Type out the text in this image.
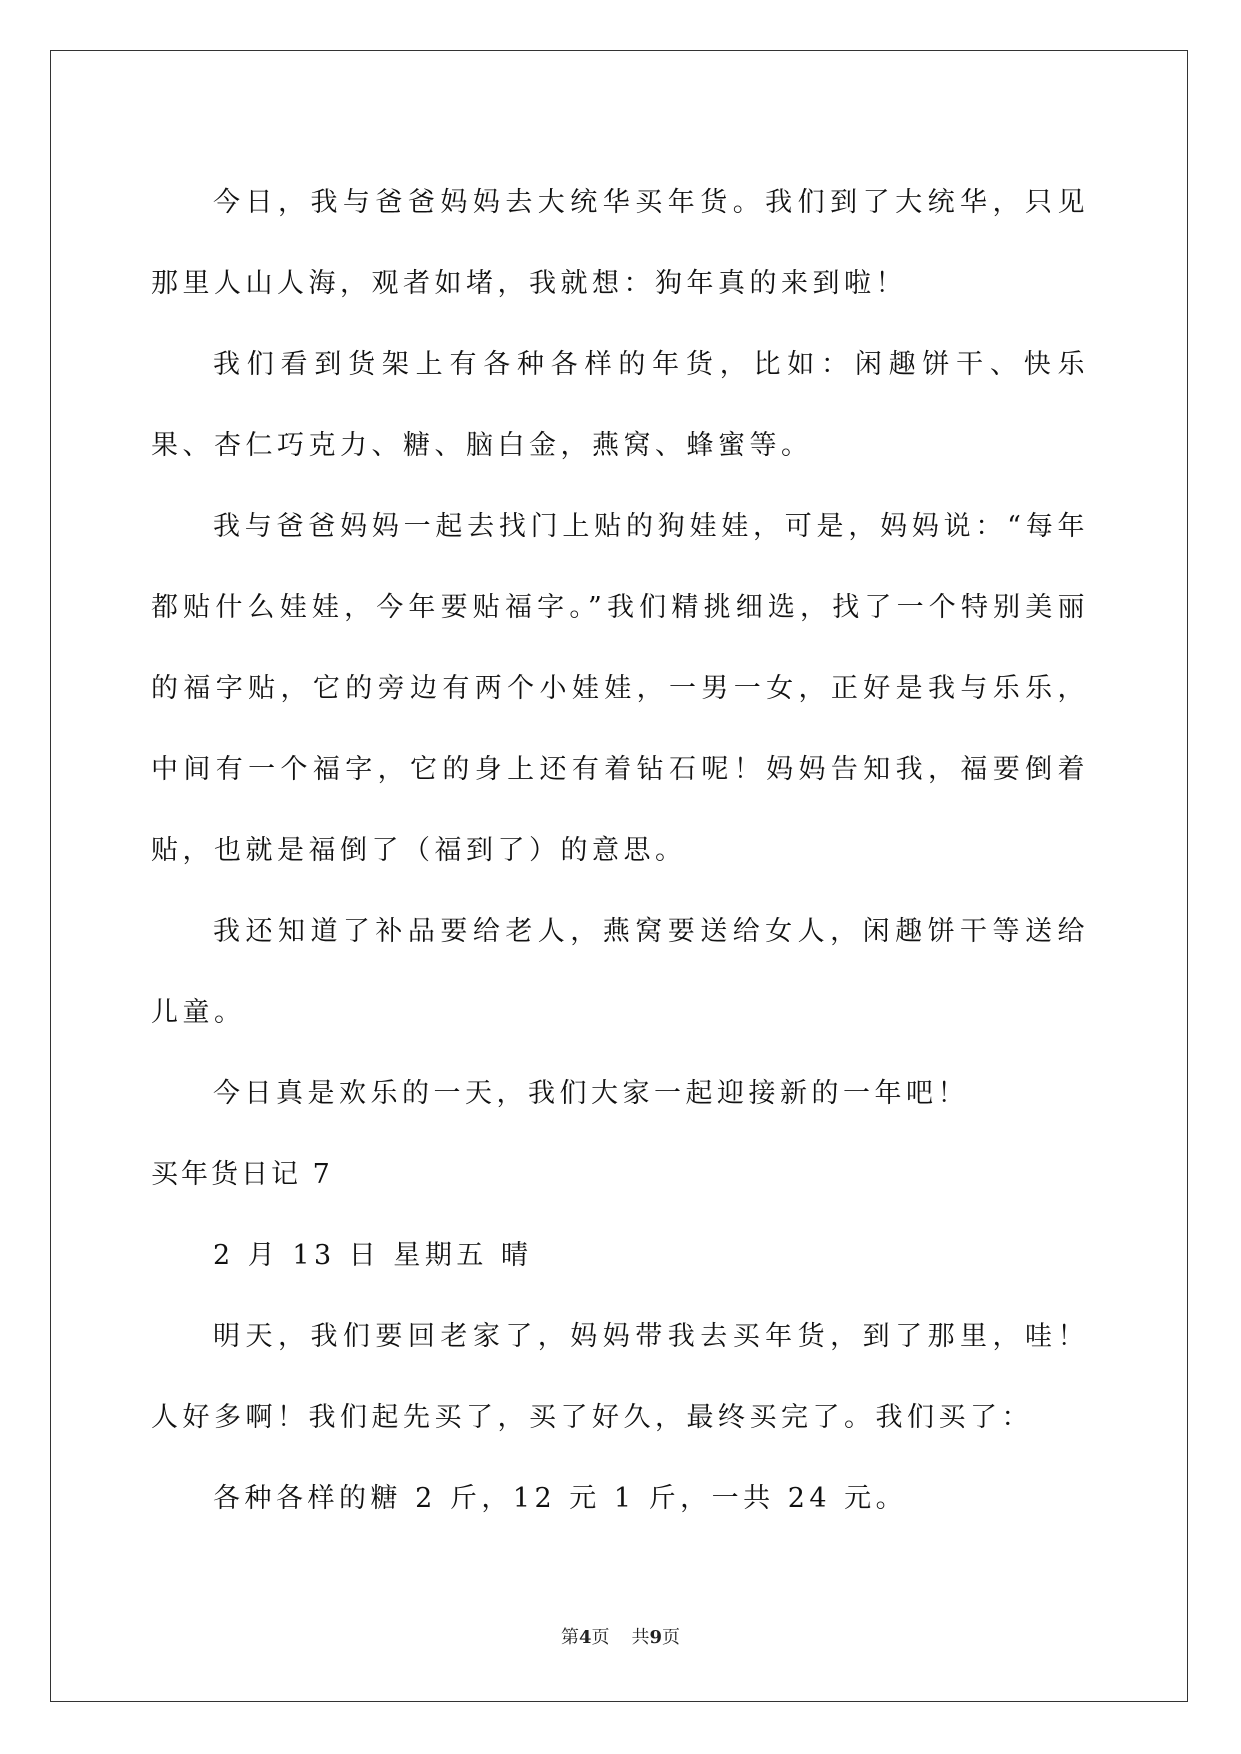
今日，我与爸爸妈妈去大统华买年货。我们到了大统华，只见那里人山人海，观者如堵，我就想：狗年真的来到啦！

我们看到货架上有各种各样的年货，比如：闲趣饼干、快乐果、杏仁巧克力、糖、脑白金，燕窝、蜂蜜等。

我与爸爸妈妈一起去找门上贴的狗娃娃，可是，妈妈说：“每年都贴什么娃娃，今年要贴福字。”我们精挑细选，找了一个特别美丽的福字贴，它的旁边有两个小娃娃，一男一女，正好是我与乐乐，中间有一个福字，它的身上还有着钻石呢！妈妈告知我，福要倒着贴，也就是福倒了（福到了）的意思。

我还知道了补品要给老人，燕窝要送给女人，闲趣饼干等送给儿童。

今日真是欢乐的一天，我们大家一起迎接新的一年吧！

买年货日记 7

2 月 13 日 星期五 晴

明天，我们要回老家了，妈妈带我去买年货，到了那里，哇！人好多啊！我们起先买了，买了好久，最终买完了。我们买了：

各种各样的糖 2 斤，12 元 1 斤，一共 24 元。

第4页 共9页
